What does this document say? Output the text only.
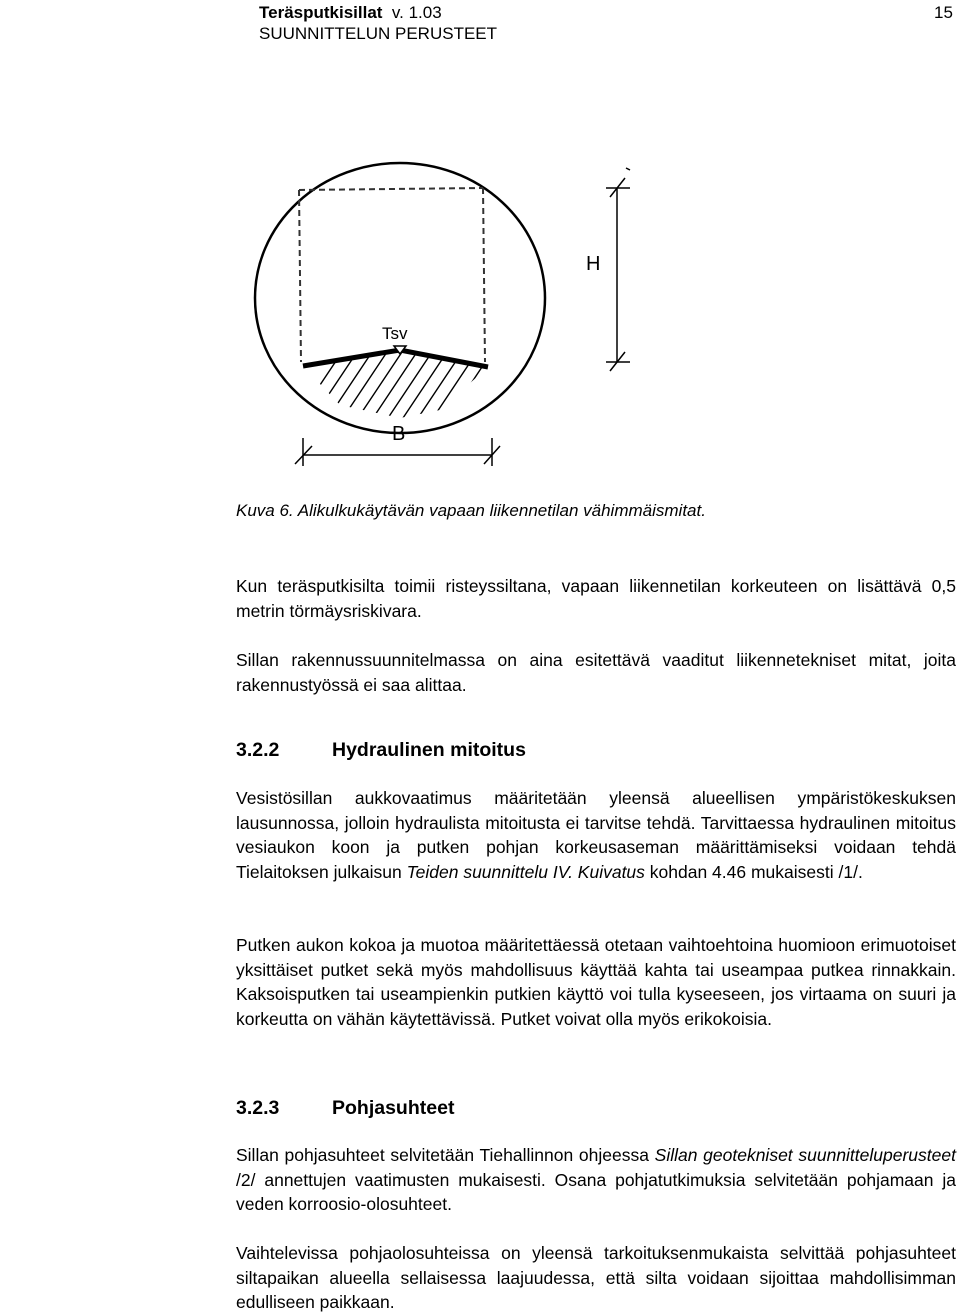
Teräsputkisillat v. 1.03
SUUNNITTELUN PERUSTEET
15
Tsv
H
B
Kuva 6. Alikulkukäytävän vapaan liikennetilan vähimmäismitat.
Kun teräsputkisilta toimii risteyssiltana, vapaan liikennetilan korkeuteen on lisättävä 0,5 metrin törmäysriskivara.
Sillan rakennussuunnitelmassa on aina esitettävä vaaditut liikennetekniset mitat, joita rakennustyössä ei saa alittaa.
3.2.2	Hydraulinen mitoitus
Vesistösillan aukkovaatimus määritetään yleensä alueellisen ympäristökeskuksen lausunnossa, jolloin hydraulista mitoitusta ei tarvitse tehdä. Tarvittaessa hydraulinen mitoitus vesiaukon koon ja putken pohjan korkeusaseman määrittämiseksi voidaan tehdä Tielaitoksen julkaisun Teiden suunnittelu IV. Kuivatus kohdan 4.46 mukaisesti /1/.
Putken aukon kokoa ja muotoa määritettäessä otetaan vaihtoehtoina huomioon erimuotoiset yksittäiset putket sekä myös mahdollisuus käyttää kahta tai useampaa putkea rinnakkain. Kaksoisputken tai useampienkin putkien käyttö voi tulla kyseeseen, jos virtaama on suuri ja korkeutta on vähän käytettävissä. Putket voivat olla myös erikokoisia.
3.2.3	Pohjasuhteet
Sillan pohjasuhteet selvitetään Tiehallinnon ohjeessa Sillan geotekniset suunnitteluperusteet /2/ annettujen vaatimusten mukaisesti. Osana pohjatutkimuksia selvitetään pohjamaan ja veden korroosio-olosuhteet.
Vaihtelevissa pohjaolosuhteissa on yleensä tarkoituksenmukaista selvittää pohjasuhteet siltapaikan alueella sellaisessa laajuudessa, että silta voidaan sijoittaa mahdollisimman edulliseen paikkaan.
